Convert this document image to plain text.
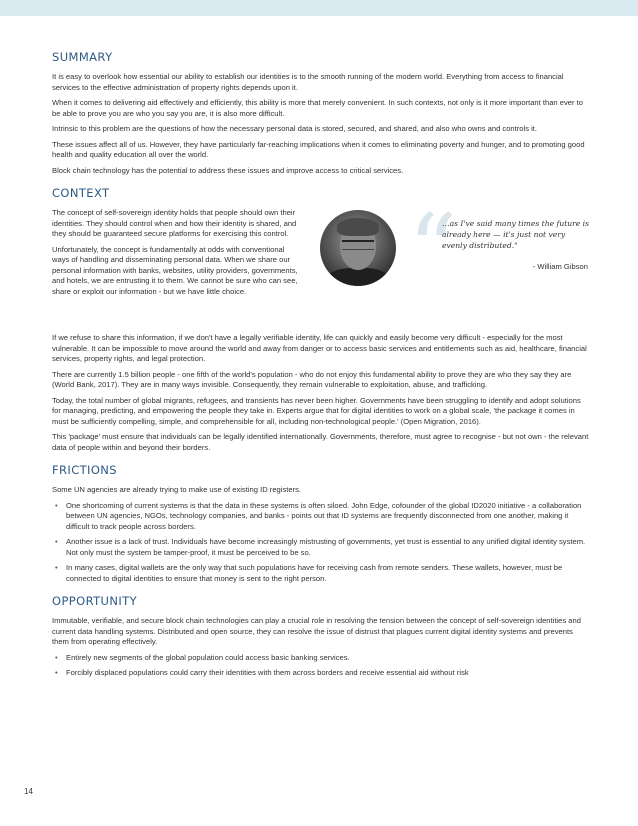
SUMMARY

It is easy to overlook how essential our ability to establish our identities is to the smooth running of the modern world. Everything from access to financial services to the effective administration of property rights depends upon it.

When it comes to delivering aid effectively and efficiently, this ability is more that merely convenient. In such contexts, not only is it more important than ever to be able to prove you are who you say you are, it is also more difficult.

Intrinsic to this problem are the questions of how the necessary personal data is stored, secured, and shared, and also who owns and controls it.

These issues affect all of us. However, they have particularly far-reaching implications when it comes to eliminating poverty and hunger, and to promoting good health and quality education all over the world.

Block chain technology has the potential to address these issues and improve access to critical services.

CONTEXT

The concept of self-sovereign identity holds that people should own their identities. They should control when and how their identity is shared, and they should be guaranteed secure platforms for exercising this control.

Unfortunately, the concept is fundamentally at odds with conventional ways of handling and disseminating personal data. When we share our personal information with banks, websites, utility providers, governments, and hotels, we are entrusting it to them. We cannot be sure who can see, share or exploit our information - but we have little choice.	“
…as I've said many times the future is already here — it's just not very evenly distributed."
- William Gibson

If we refuse to share this information, if we don't have a legally verifiable identity, life can quickly and easily become very difficult - especially for the most vulnerable. It can be impossible to move around the world and away from danger or to access basic services and entitlements such as aid, healthcare, financial services, property rights, and legal protection.

There are currently 1.5 billion people - one fifth of the world's population - who do not enjoy this fundamental ability to prove they are who they say they are (World Bank, 2017). They are in many ways invisible. Consequently, they remain vulnerable to exploitation, abuse, and trafficking.

Today, the total number of global migrants, refugees, and transients has never been higher. Governments have been struggling to identify and adopt solutions for managing, predicting, and empowering the people they take in. Experts argue that for digital identities to work on a global scale, 'the package it comes in must be sufficiently compelling, simple, and comprehensible for all, including non-technological people.' (Open Migration, 2016).

This 'package' must ensure that individuals can be legally identified internationally. Governments, therefore, must agree to recognise - but not own - the relevant data of people within and beyond their borders.

FRICTIONS

Some UN agencies are already trying to make use of existing ID registers.

• One shortcoming of current systems is that the data in these systems is often siloed. John Edge, cofounder of the global ID2020 initiative - a collaboration between UN agencies, NGOs, technology companies, and banks - points out that ID systems are frequently disconnected from one another, making it difficult to track people across borders.
• Another issue is a lack of trust. Individuals have become increasingly mistrusting of governments, yet trust is essential to any unified digital identity system. Not only must the system be tamper-proof, it must be perceived to be so.
• In many cases, digital wallets are the only way that such populations have for receiving cash from remote senders. These wallets, however, must be connected to digital identities to ensure that money is sent to the right person.
OPPORTUNITY

Immutable, verifiable, and secure block chain technologies can play a crucial role in resolving the tension between the concept of self-sovereign identities and current data handling systems. Distributed and open source, they can resolve the issue of distrust that plagues current digital identity systems and prevents them from operating effectively.

• Entirely new segments of the global population could access basic banking services.
• Forcibly displaced populations could carry their identities with them across borders and receive essential aid without risk
14
